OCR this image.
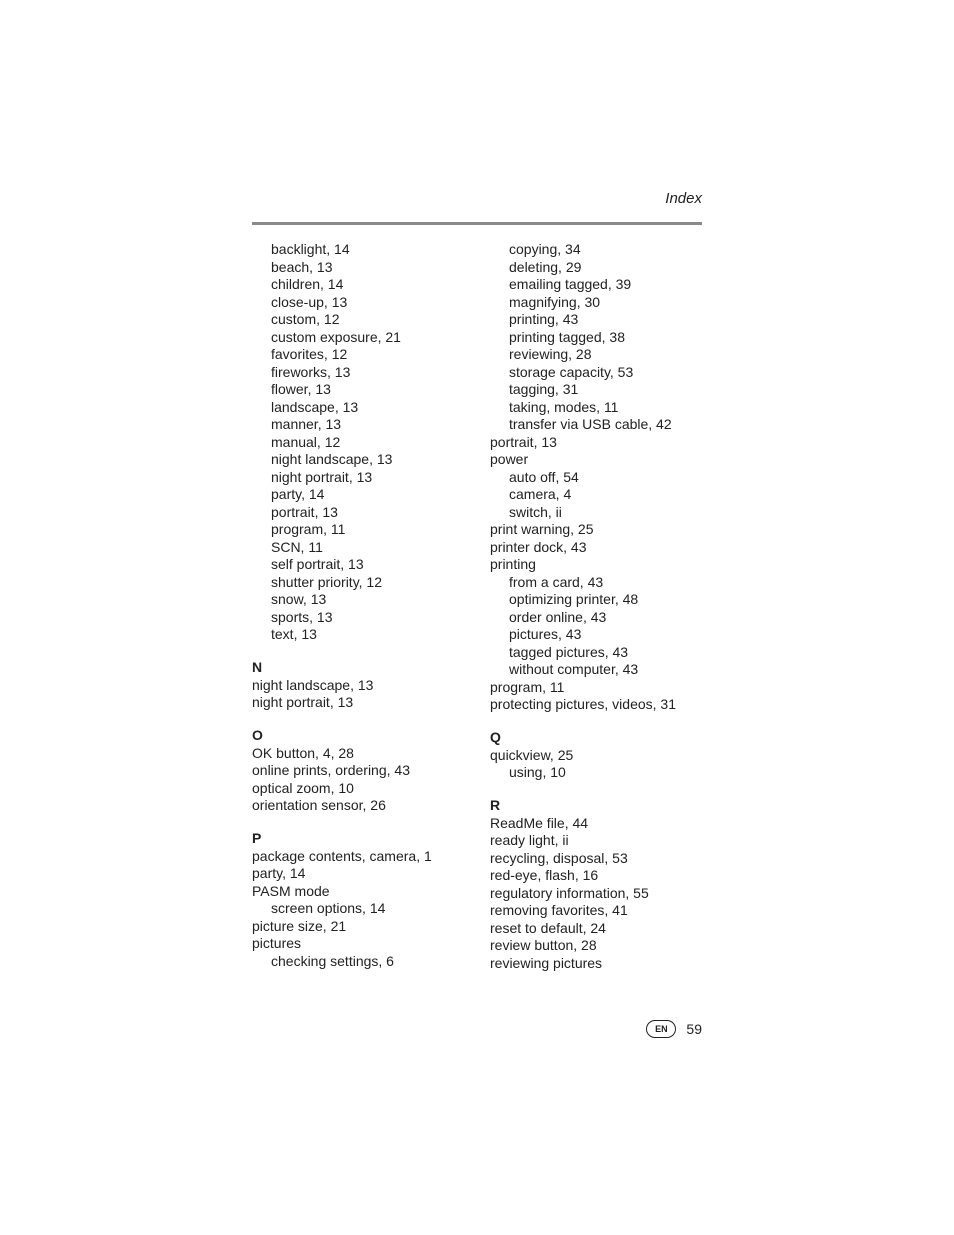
Index
backlight, 14
beach, 13
children, 14
close-up, 13
custom, 12
custom exposure, 21
favorites, 12
fireworks, 13
flower, 13
landscape, 13
manner, 13
manual, 12
night landscape, 13
night portrait, 13
party, 14
portrait, 13
program, 11
SCN, 11
self portrait, 13
shutter priority, 12
snow, 13
sports, 13
text, 13
N
night landscape, 13
night portrait, 13
O
OK button, 4, 28
online prints, ordering, 43
optical zoom, 10
orientation sensor, 26
P
package contents, camera, 1
party, 14
PASM mode
screen options, 14
picture size, 21
pictures
checking settings, 6
copying, 34
deleting, 29
emailing tagged, 39
magnifying, 30
printing, 43
printing tagged, 38
reviewing, 28
storage capacity, 53
tagging, 31
taking, modes, 11
transfer via USB cable, 42
portrait, 13
power
auto off, 54
camera, 4
switch, ii
print warning, 25
printer dock, 43
printing
from a card, 43
optimizing printer, 48
order online, 43
pictures, 43
tagged pictures, 43
without computer, 43
program, 11
protecting pictures, videos, 31
Q
quickview, 25
using, 10
R
ReadMe file, 44
ready light, ii
recycling, disposal, 53
red-eye, flash, 16
regulatory information, 55
removing favorites, 41
reset to default, 24
review button, 28
reviewing pictures
EN	59
